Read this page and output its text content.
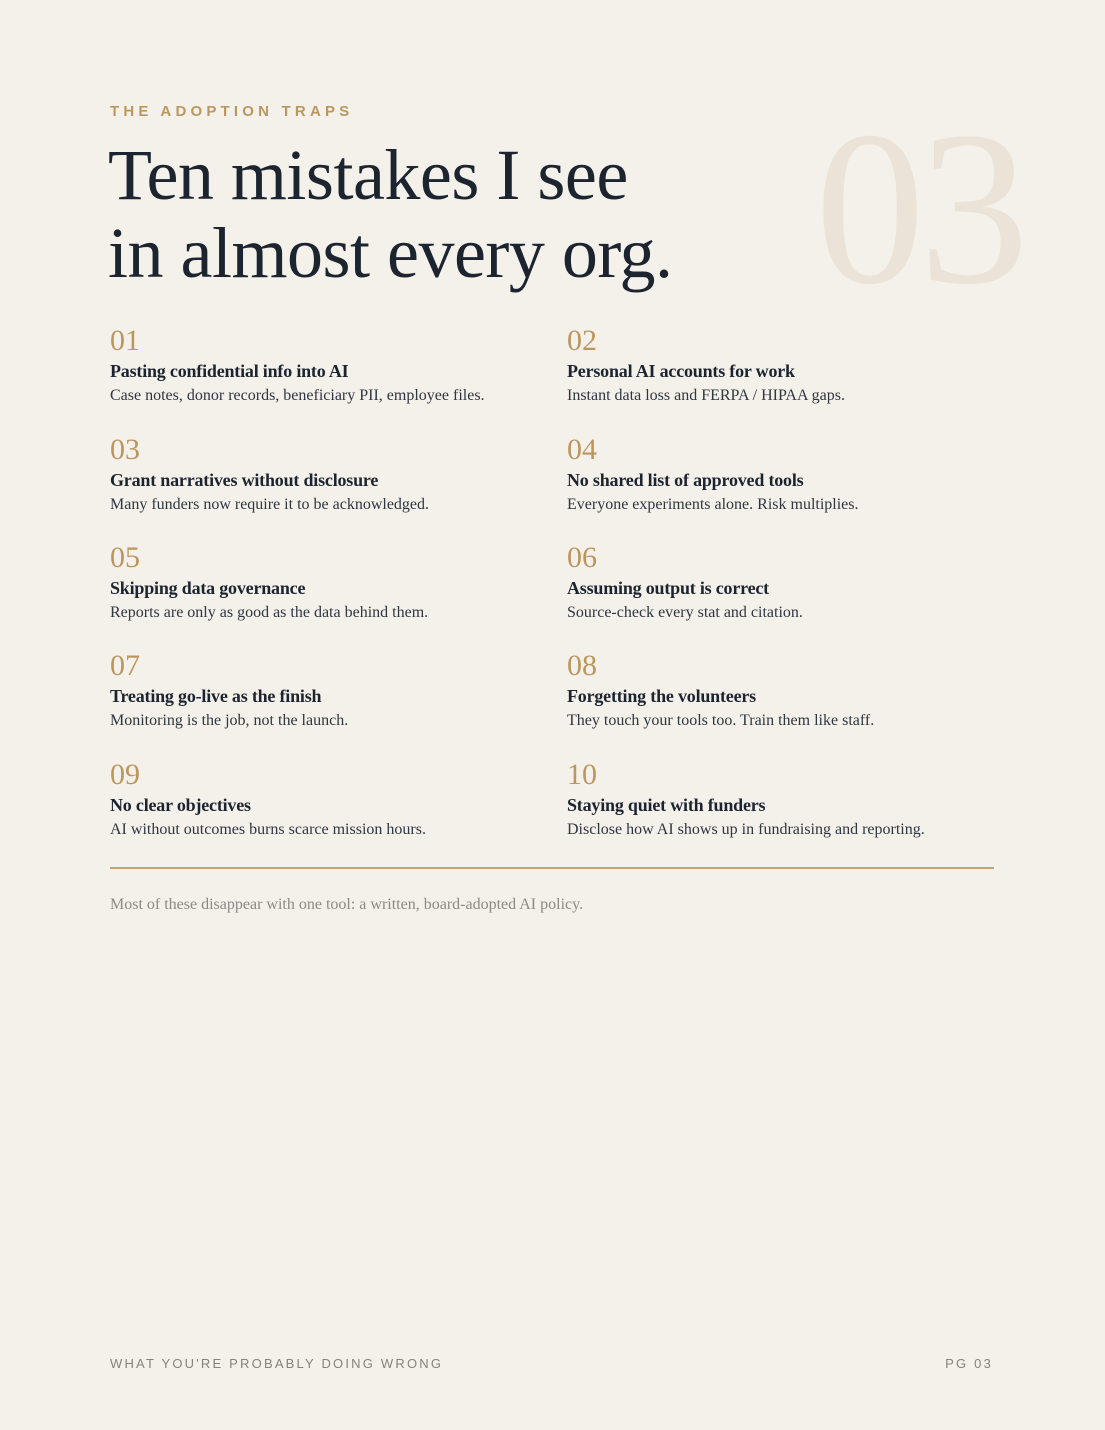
THE ADOPTION TRAPS 03
Ten mistakes I see
in almost every org.
01
Pasting confidential info into AI
Case notes, donor records, beneficiary PII, employee files.
02
Personal AI accounts for work
Instant data loss and FERPA / HIPAA gaps.
03
Grant narratives without disclosure
Many funders now require it to be acknowledged.
04
No shared list of approved tools
Everyone experiments alone. Risk multiplies.
05
Skipping data governance
Reports are only as good as the data behind them.
06
Assuming output is correct
Source-check every stat and citation.
07
Treating go-live as the finish
Monitoring is the job, not the launch.
08
Forgetting the volunteers
They touch your tools too. Train them like staff.
09
No clear objectives
AI without outcomes burns scarce mission hours.
10
Staying quiet with funders
Disclose how AI shows up in fundraising and reporting.
Most of these disappear with one tool: a written, board-adopted AI policy.
WHAT YOU'RE PROBABLY DOING WRONG	PG 03
